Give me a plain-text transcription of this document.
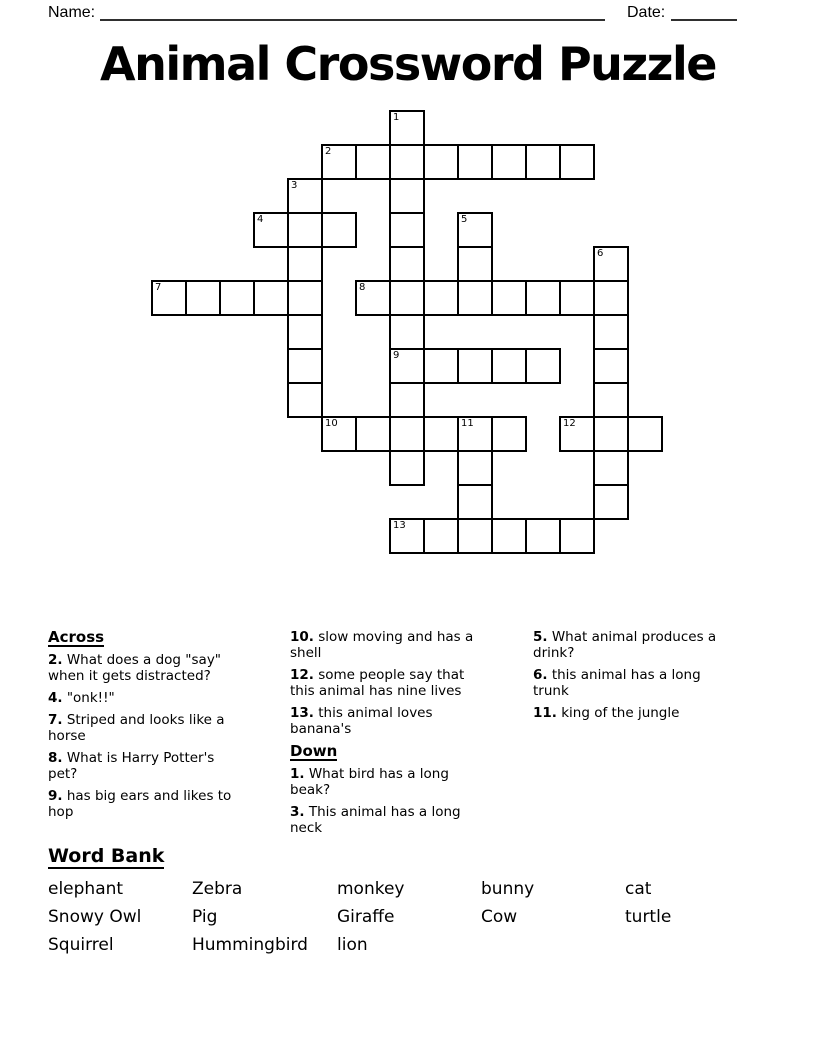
Name:	Date:
Animal Crossword Puzzle
1
2
3
4	5
6
7	8
9
10	11	12
13
Across
2. What does a dog "say" when it gets distracted?
4. "onk!!"
7. Striped and looks like a horse
8. What is Harry Potter's pet?
9. has big ears and likes to hop
10. slow moving and has a shell
12. some people say that this animal has nine lives
13. this animal loves banana's
Down
1. What bird has a long beak?
3. This animal has a long neck
5. What animal produces a drink?
6. this animal has a long trunk
11. king of the jungle
Word Bank
elephant	Zebra	monkey	bunny	cat
Snowy Owl	Pig	Giraffe	Cow	turtle
Squirrel	Hummingbird	lion
